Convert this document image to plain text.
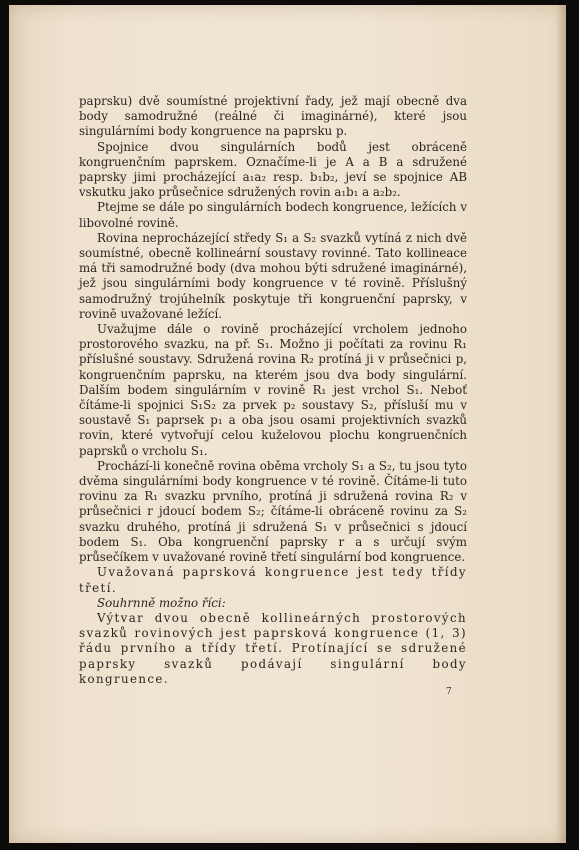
paprsku) dvě soumístné projektivní řady, jež mají obecně dva body samodružné (reálné či imaginárné), které jsou singulárními body kongruence na paprsku p.

Spojnice dvou singulárních bodů jest obráceně kongruenčním paprskem. Označíme-li je A a B a sdružené paprsky jimi procházející a₁a₂ resp. b₁b₂, jeví se spojnice AB vskutku jako průsečnice sdružených rovin a₁b₁ a a₂b₂.

Ptejme se dále po singulárních bodech kongruence, ležících v libovolné rovině.

Rovina neprocházející středy S₁ a S₂ svazků vytíná z nich dvě soumístné, obecně kollineární soustavy rovinné. Tato kollineace má tři samodružné body (dva mohou býti sdružené imaginárné), jež jsou singulárními body kongruence v té rovině. Příslušný samodružný trojúhelník poskytuje tři kongruenční paprsky, v rovině uvažované ležící.

Uvažujme dále o rovině procházející vrcholem jednoho prostorového svazku, na př. S₁. Možno ji počítati za rovinu R₁ příslušné soustavy. Sdružená rovina R₂ protíná ji v průsečnici p, kongruenčním paprsku, na kterém jsou dva body singulární. Dalším bodem singulárním v rovině R₁ jest vrchol S₁. Neboť čítáme-li spojnici S₁S₂ za prvek p₂ soustavy S₂, přísluší mu v soustavě S₁ paprsek p₁ a oba jsou osami projektivních svazků rovin, které vytvořují celou kuželovou plochu kongruenčních paprsků o vrcholu S₁.

Prochází-li konečně rovina oběma vrcholy S₁ a S₂, tu jsou tyto dvěma singulárními body kongruence v té rovině. Čítáme-li tuto rovinu za R₁ svazku prvního, protíná ji sdružená rovina R₂ v průsečnici r jdoucí bodem S₂; čítáme-li obráceně rovinu za S₂ svazku druhého, protíná ji sdružená S₁ v průsečnici s jdoucí bodem S₁. Oba kongruenční paprsky r a s určují svým průsečíkem v uvažované rovině třetí singulární bod kongruence.

Uvažovaná paprsková kongruence jest tedy třídy třetí.

Souhrnně možno říci:

Výtvar dvou obecně kollineárných prostorových svazků rovinových jest paprsková kongruence (1, 3) řádu prvního a třídy třetí. Protínající se sdružené paprsky svazků podávají singulární body kongruence.

7
